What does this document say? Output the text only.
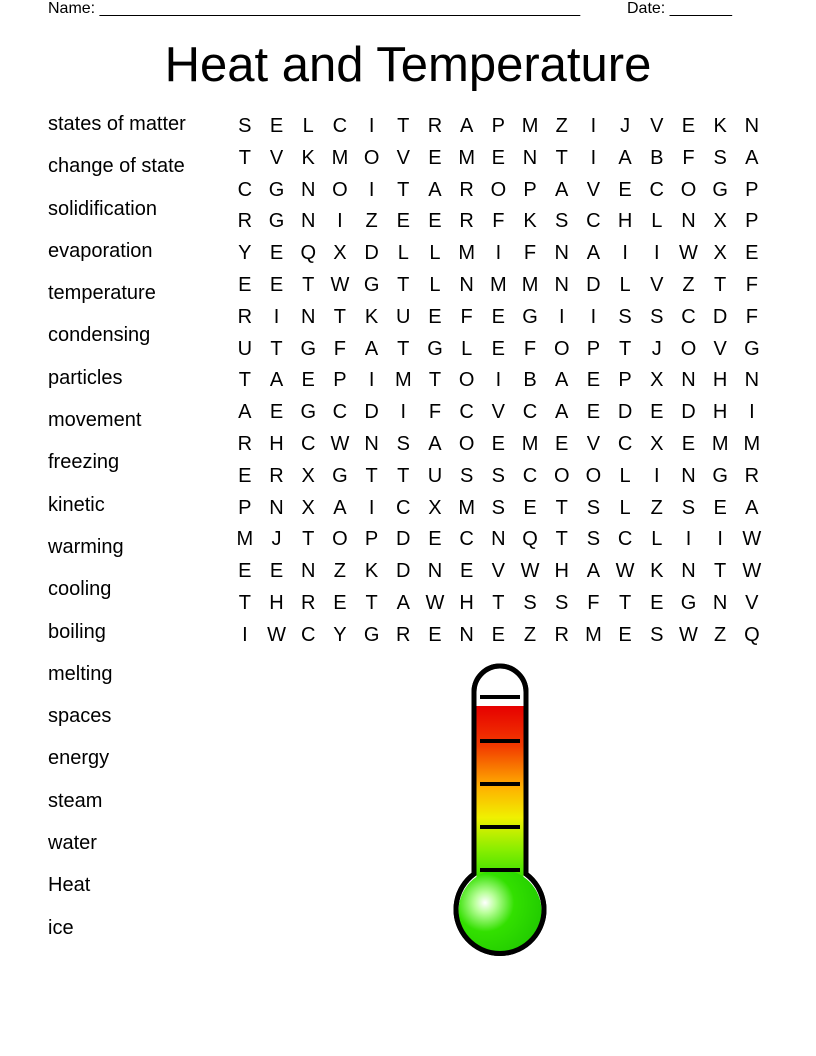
Name: ______________________________________________________	Date: _______
Heat and Temperature
states of matter
change of state
solidification
evaporation
temperature
condensing
particles
movement
freezing
kinetic
warming
cooling
boiling
melting
spaces
energy
steam
water
Heat
ice
S E L C	I	T R A P M Z	I	J	V E K N
T V K M O V E M E N T	I	A B F S A
C G N O	I	T A R O P A V E C O G P
R G N	I	Z E E R F K S C H L N X P
Y E Q X D L	L M	I	F N A	I	I W X E
E E T W G T	L N M M N D L V Z T F
R	I	N T K U E F E G	I	I	S S C D F
U T G F A T G L E F O P T	J O V G
T A E P	I	M T O	I	B A E P X N H N
A E G C D	I	F C V C A E D E D H	I
R H C W N S A O E M E V C X E M M
E R X G T T U S S C O O L	I	N G R
P N X A	I	C X M S E T S L	Z S E A
M J	T O P D E C N Q T S C L	I	I W
E E N Z K D N E V W H A W K N T W
T H R E T A W H T S S F T E G N V
I W C Y G R E N E Z R M E S W Z Q
